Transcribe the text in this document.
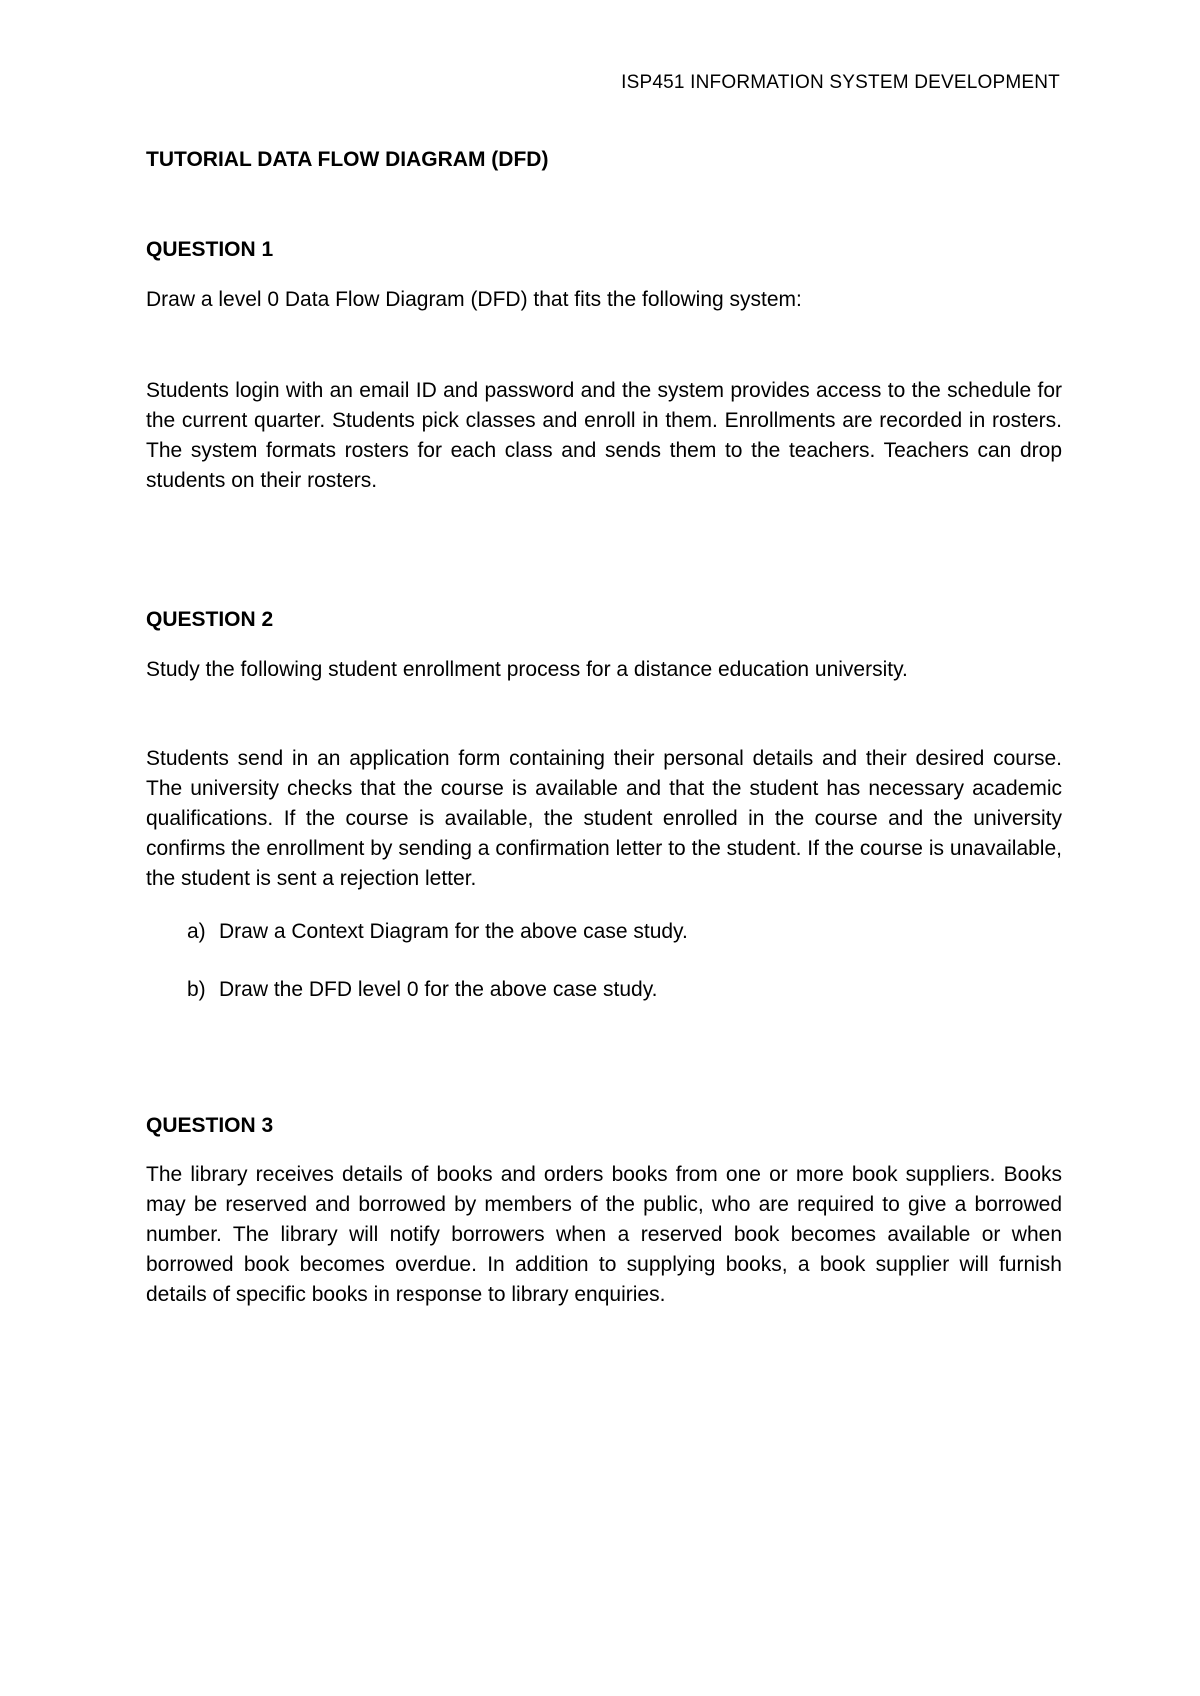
ISP451 INFORMATION SYSTEM DEVELOPMENT
TUTORIAL DATA FLOW DIAGRAM (DFD)
QUESTION 1
Draw a level 0 Data Flow Diagram (DFD) that fits the following system:
Students login with an email ID and password and the system provides access to the schedule for the current quarter. Students pick classes and enroll in them. Enrollments are recorded in rosters. The system formats rosters for each class and sends them to the teachers. Teachers can drop students on their rosters.
QUESTION 2
Study the following student enrollment process for a distance education university.
Students send in an application form containing their personal details and their desired course. The university checks that the course is available and that the student has necessary academic qualifications. If the course is available, the student enrolled in the course and the university confirms the enrollment by sending a confirmation letter to the student. If the course is unavailable, the student is sent a rejection letter.
a) Draw a Context Diagram for the above case study.
b) Draw the DFD level 0 for the above case study.
QUESTION 3
The library receives details of books and orders books from one or more book suppliers. Books may be reserved and borrowed by members of the public, who are required to give a borrowed number. The library will notify borrowers when a reserved book becomes available or when borrowed book becomes overdue. In addition to supplying books, a book supplier will furnish details of specific books in response to library enquiries.
